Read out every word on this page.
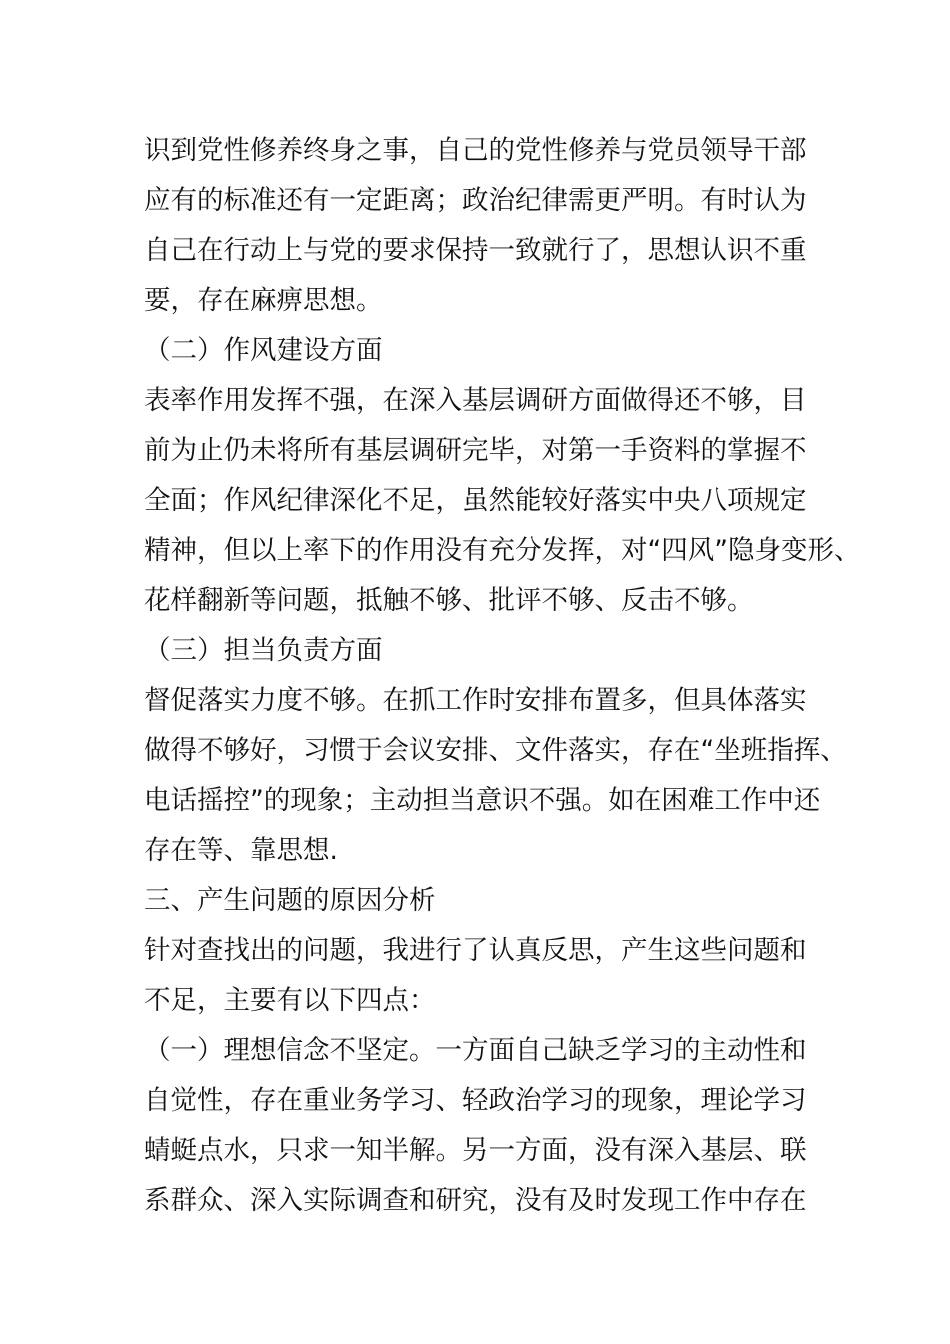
识到党性修养终身之事，自己的党性修养与党员领导干部
应有的标准还有一定距离；政治纪律需更严明。有时认为
自己在行动上与党的要求保持一致就行了，思想认识不重
要，存在麻痹思想。
（二）作风建设方面
表率作用发挥不强，在深入基层调研方面做得还不够，目
前为止仍未将所有基层调研完毕，对第一手资料的掌握不
全面；作风纪律深化不足，虽然能较好落实中央八项规定
精神，但以上率下的作用没有充分发挥，对“四风”隐身变形、
花样翻新等问题，抵触不够、批评不够、反击不够。
（三）担当负责方面
督促落实力度不够。在抓工作时安排布置多，但具体落实
做得不够好，习惯于会议安排、文件落实，存在“坐班指挥、
电话摇控”的现象；主动担当意识不强。如在困难工作中还
存在等、靠思想.
三、产生问题的原因分析
针对查找出的问题，我进行了认真反思，产生这些问题和
不足，主要有以下四点：
（一）理想信念不坚定。一方面自己缺乏学习的主动性和
自觉性，存在重业务学习、轻政治学习的现象，理论学习
蜻蜓点水，只求一知半解。另一方面，没有深入基层、联
系群众、深入实际调查和研究，没有及时发现工作中存在
